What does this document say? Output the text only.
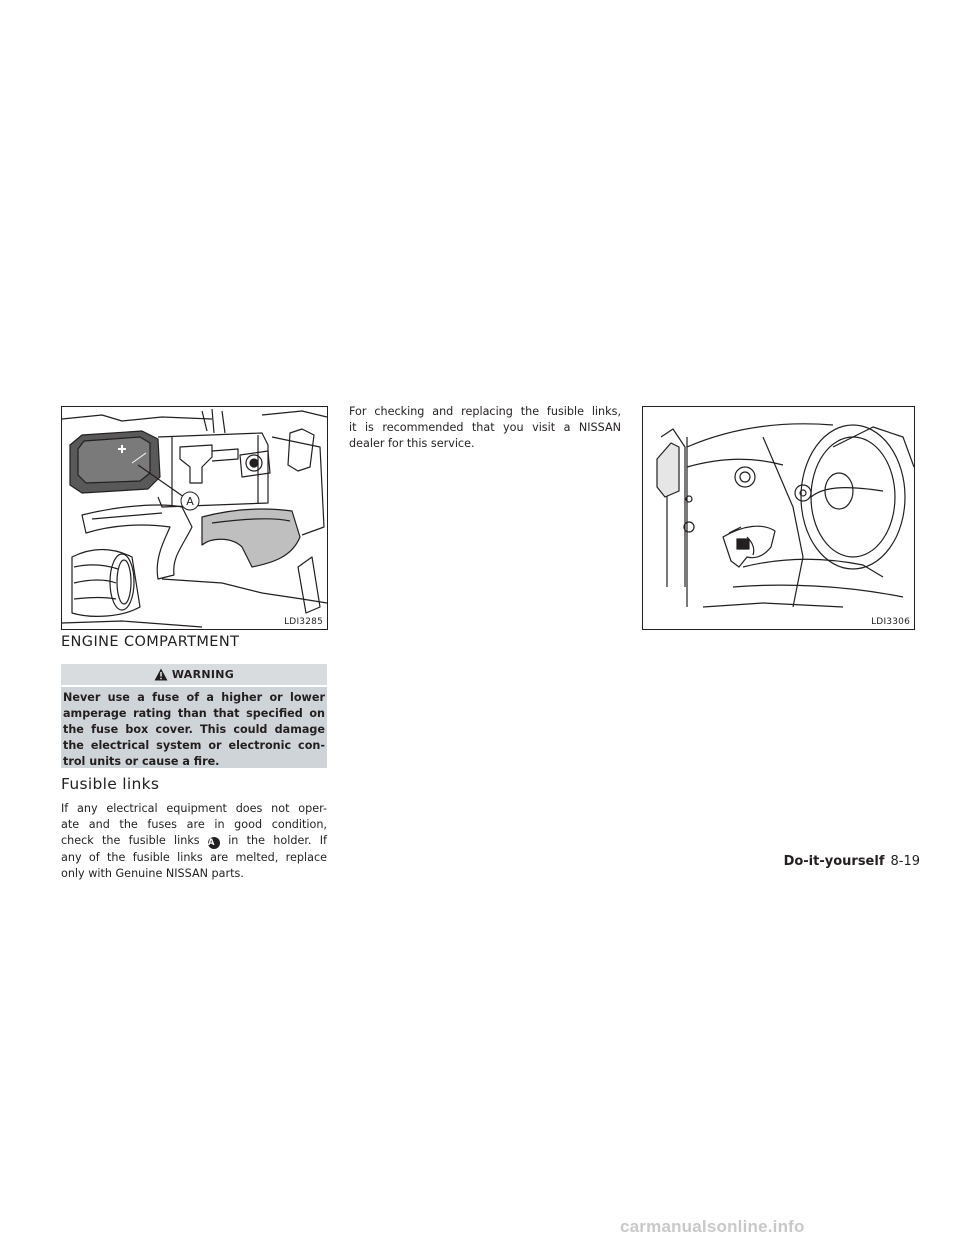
A
LDI3285	LDI3306
ENGINE COMPARTMENT
WARNING
Never use a fuse of a higher or lower
amperage rating than that specified on
the fuse box cover. This could damage
the electrical system or electronic con-
trol units or cause a fire.
Fusible links
If any electrical equipment does not oper-
ate and the fuses are in good condition,
check the fusible links A in the holder. If
any of the fusible links are melted, replace
only with Genuine NISSAN parts.
For checking and replacing the fusible links,
it is recommended that you visit a NISSAN
dealer for this service.
Do-it-yourself 8-19
carmanualsonline.info
